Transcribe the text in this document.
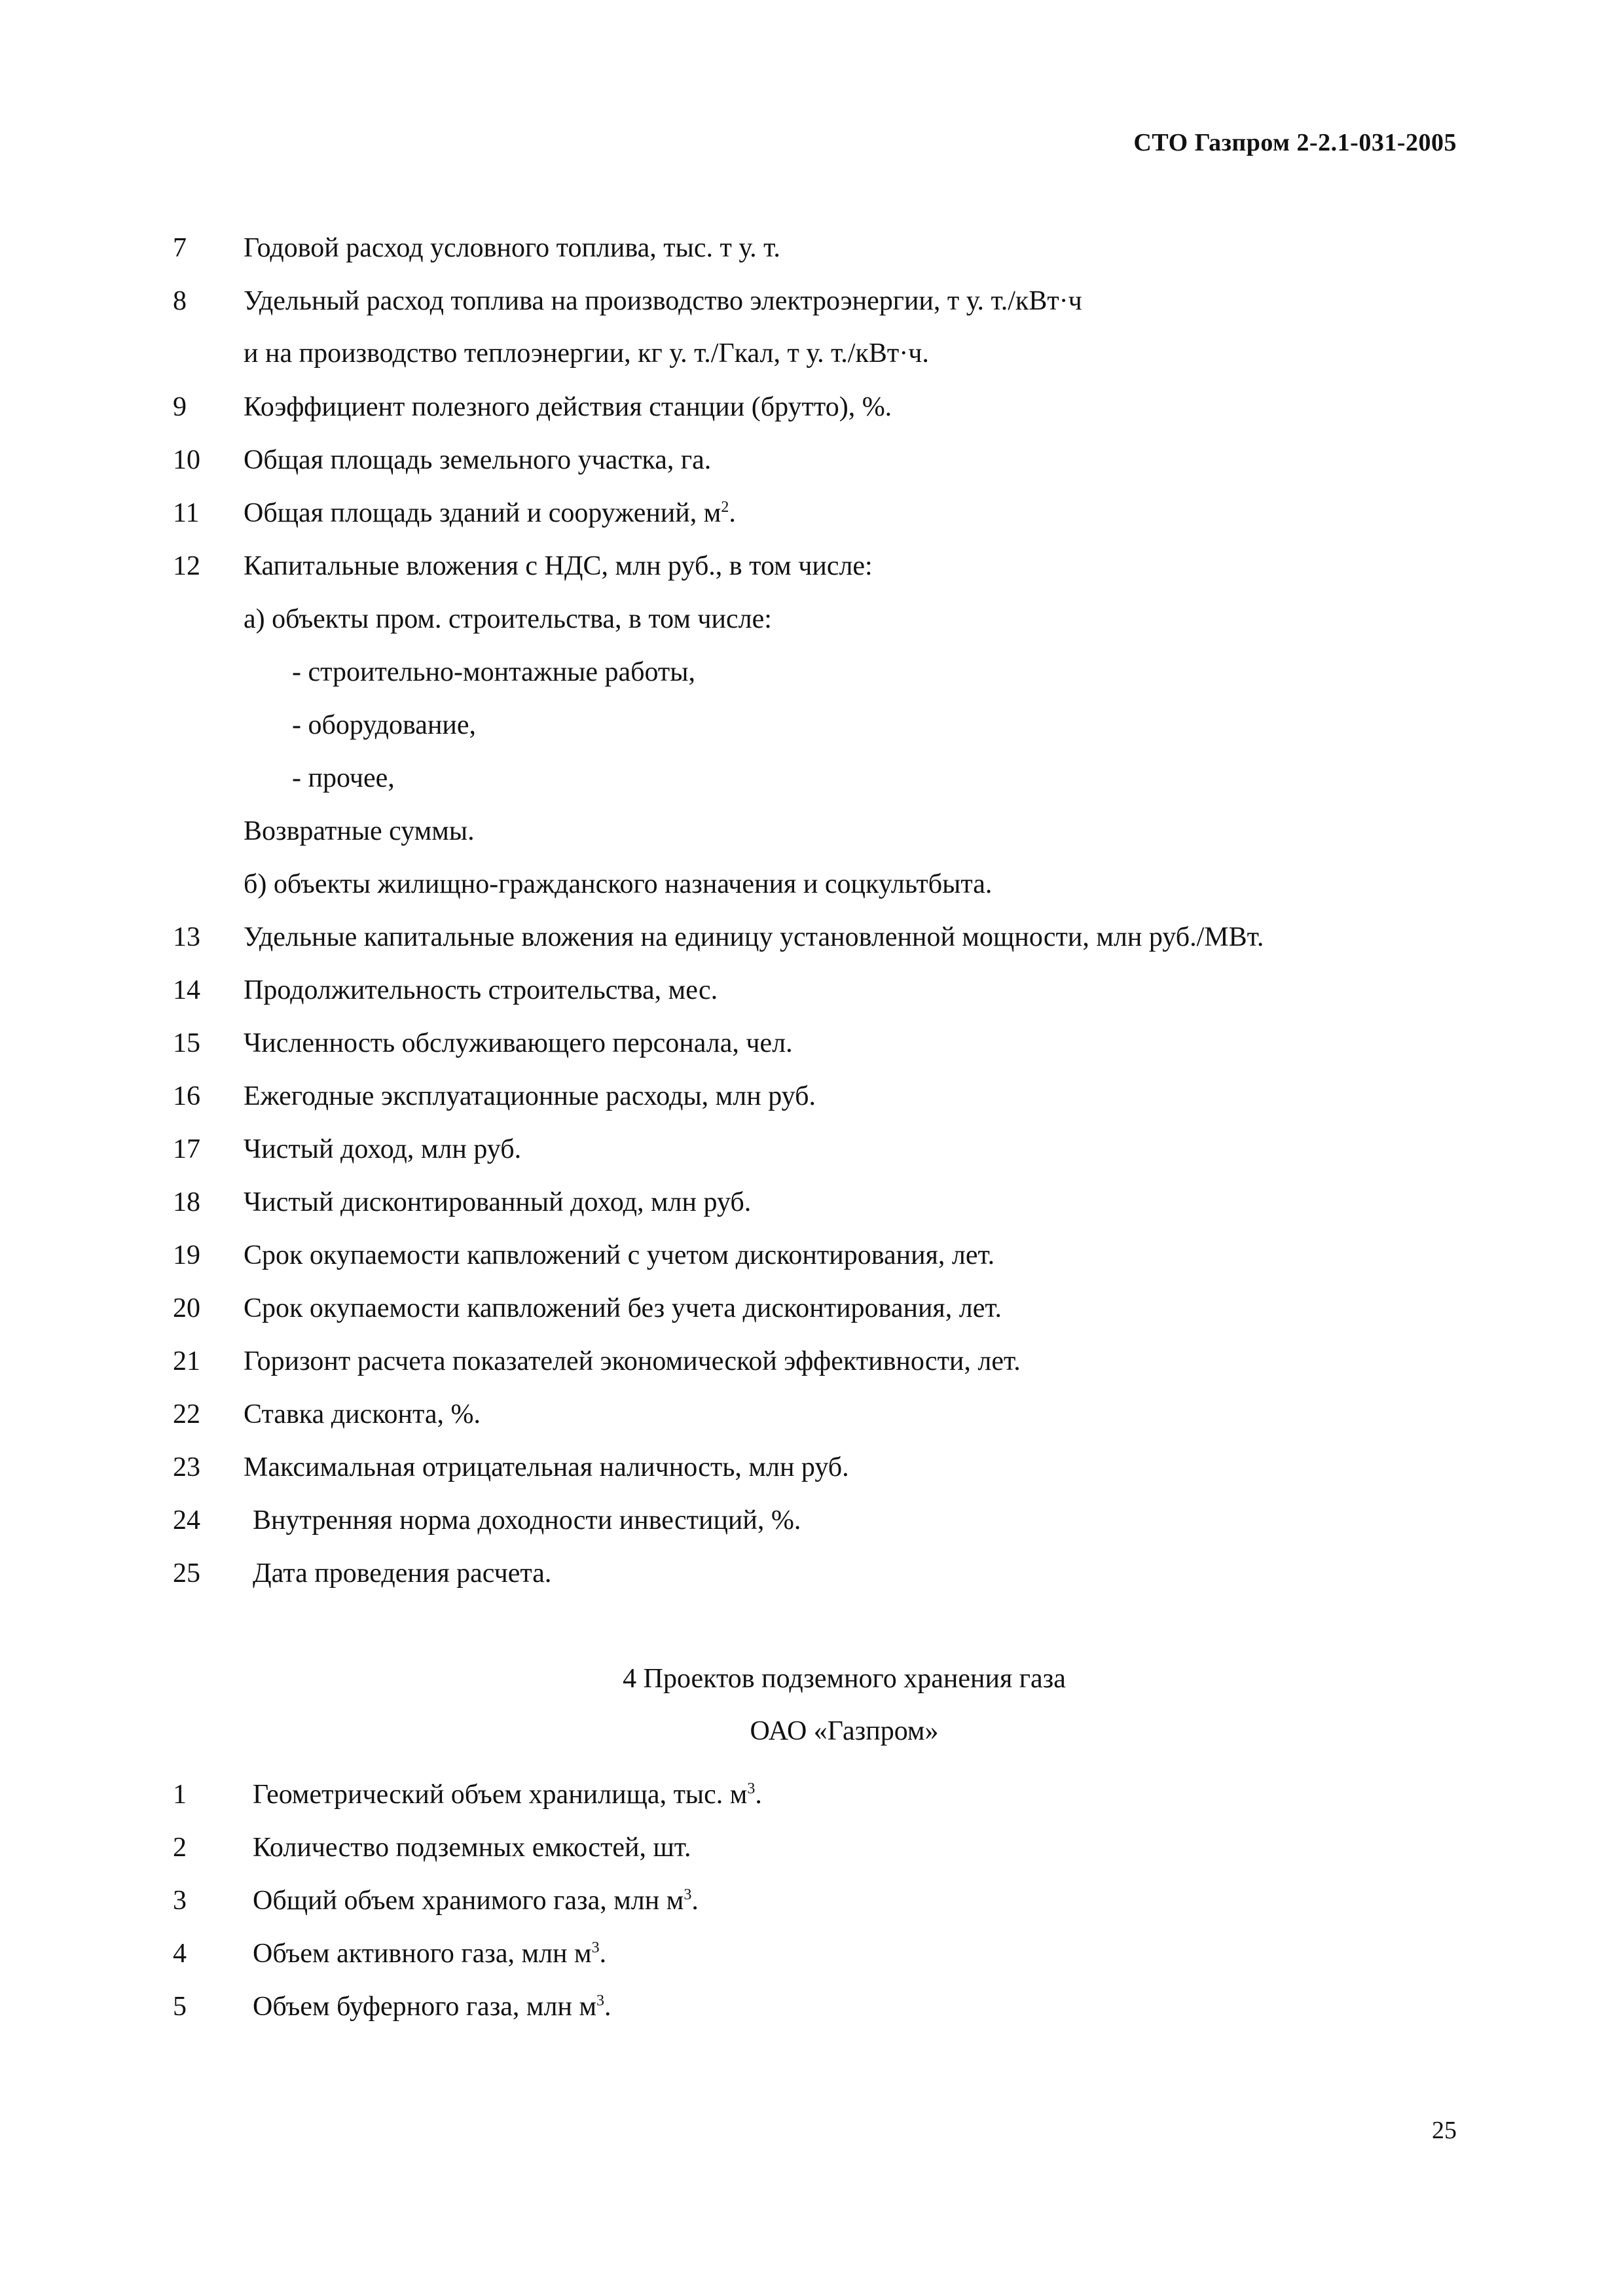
СТО Газпром 2-2.1-031-2005
7 Годовой расход условного топлива, тыс. т у. т.
8 Удельный расход топлива на производство электроэнергии, т у. т./кВт·ч
и на производство теплоэнергии, кг у. т./Гкал, т у. т./кВт·ч.
9 Коэффициент полезного действия станции (брутто), %.
10 Общая площадь земельного участка, га.
11 Общая площадь зданий и сооружений, $м^2$.
12 Капитальные вложения с НДС, млн руб., в том числе:
а) объекты пром. строительства, в том числе:
- строительно-монтажные работы,
- оборудование,
- прочее,
Возвратные суммы.
б) объекты жилищно-гражданского назначения и соцкультбыта.
13 Удельные капитальные вложения на единицу установленной мощности, млн руб./МВт.
14 Продолжительность строительства, мес.
15 Численность обслуживающего персонала, чел.
16 Ежегодные эксплуатационные расходы, млн руб.
17 Чистый доход, млн руб.
18 Чистый дисконтированный доход, млн руб.
19 Срок окупаемости капвложений с учетом дисконтирования, лет.
20 Срок окупаемости капвложений без учета дисконтирования, лет.
21 Горизонт расчета показателей экономической эффективности, лет.
22 Ставка дисконта, %.
23 Максимальная отрицательная наличность, млн руб.
24 Внутренняя норма доходности инвестиций, %.
25 Дата проведения расчета.
4 Проектов подземного хранения газа
ОАО «Газпром»
1 Геометрический объем хранилища, тыс. $м^3$.
2 Количество подземных емкостей, шт.
3 Общий объем хранимого газа, млн $м^3$.
4 Объем активного газа, млн $м^3$.
5 Объем буферного газа, млн $м^3$.
25
